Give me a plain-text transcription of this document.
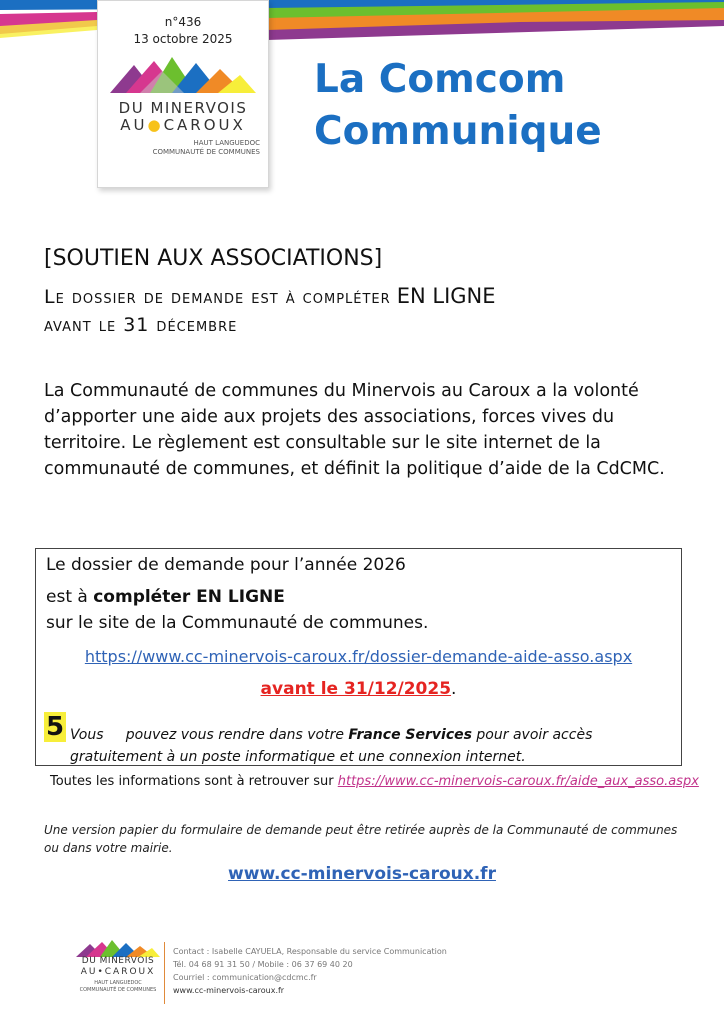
n°436
13 octobre 2025
DU MINERVOIS
AU●CAROUX
HAUT LANGUEDOC
COMMUNAUTÉ DE COMMUNES
La Comcom
Communique
[SOUTIEN AUX ASSOCIATIONS]
Le dossier de demande est à compléter EN LIGNE
avant le 31 décembre
La Communauté de communes du Minervois au Caroux a la volonté d’apporter une aide aux projets des associations, forces vives du territoire. Le règlement est consultable sur le site internet de la communauté de communes, et définit la politique d’aide de la CdCMC.
Le dossier de demande pour l’année 2026
est à compléter EN LIGNE
sur le site de la Communauté de communes.
https://www.cc-minervois-caroux.fr/dossier-demande-aide-asso.aspx
avant le 31/12/2025.
5 Vous     pouvez vous rendre dans votre France Services pour avoir accès gratuitement à un poste informatique et une connexion internet.
Toutes les informations sont à retrouver sur https://www.cc-minervois-caroux.fr/aide_aux_asso.aspx
Une version papier du formulaire de demande peut être retirée auprès de la Communauté de communes ou dans votre mairie.
www.cc-minervois-caroux.fr
DU MINERVOIS
AU•CAROUX
HAUT LANGUEDOC
COMMUNAUTÉ DE COMMUNES
Contact : Isabelle CAYUELA, Responsable du service Communication
Tél. 04 68 91 31 50 / Mobile : 06 37 69 40 20
Courriel : communication@cdcmc.fr
www.cc-minervois-caroux.fr
